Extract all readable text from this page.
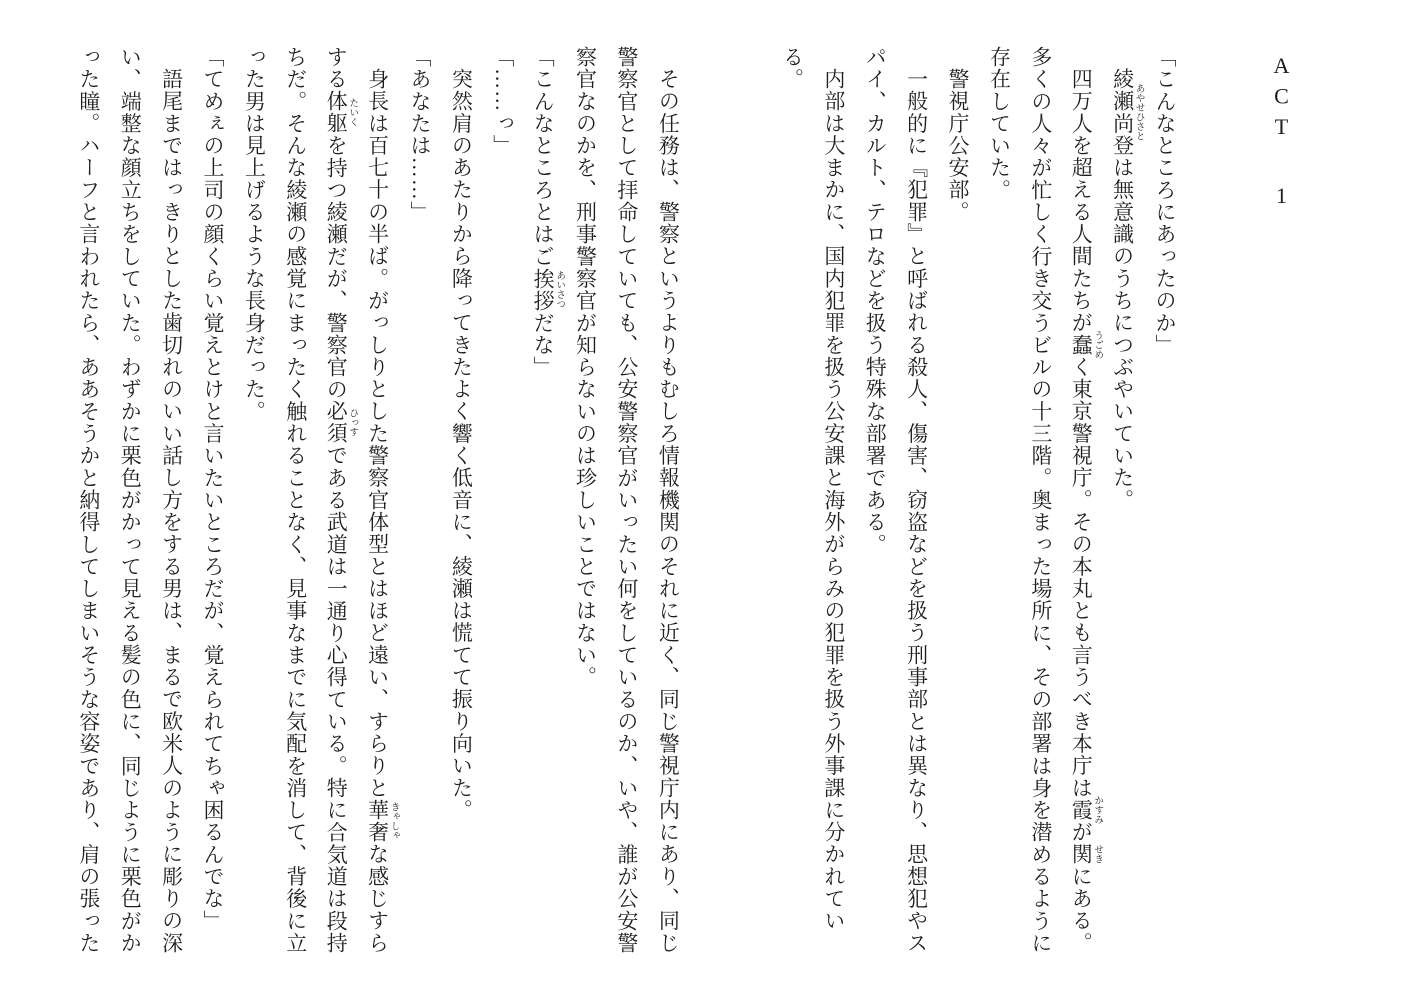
ACT1
「こんなところにあったのか」
綾瀬尚登 あやせひさとは無意識のうちにつぶやいていた。
四万人を超える人間たちが蠢 うごめく東京警視庁。その本丸とも言うべき本庁は霞 かすみが関 せきにある。
多くの人々が忙しく行き交うビルの十三階。奥まった場所に、その部署は身を潜めるように
存在していた。
警視庁公安部。
一般的に『犯罪』と呼ばれる殺人、傷害、窃盗などを扱う刑事部とは異なり、思想犯やス
パイ、カルト、テロなどを扱う特殊な部署である。
内部は大まかに、国内犯罪を扱う公安課と海外がらみの犯罪を扱う外事課に分かれてい
る。

その任務は、警察というよりもむしろ情報機関のそれに近く、同じ警視庁内にあり、同じ
警察官として拝命していても、公安警察官がいったい何をしているのか、いや、誰が公安警
察官なのかを、刑事警察官が知らないのは珍しいことではない。
「こんなところとはご挨拶 あいさつだな」
「……っ」
突然肩のあたりから降ってきたよく響く低音に、綾瀬は慌てて振り向いた。
「あなたは……」
身長は百七十の半ば。がっしりとした警察官体型とはほど遠い、すらりと華奢 きゃしゃな感じすら
する体躯 たいくを持つ綾瀬だが、警察官の必須 ひっすである武道は一通り心得ている。特に合気道は段持
ちだ。そんな綾瀬の感覚にまったく触れることなく、見事なまでに気配を消して、背後に立
った男は見上げるような長身だった。
「てめぇの上司の顔くらい覚えとけと言いたいところだが、覚えられてちゃ困るんでな」
語尾まではっきりとした歯切れのいい話し方をする男は、まるで欧米人のように彫りの深
い、端整な顔立ちをしていた。わずかに栗色がかって見える髪の色に、同じように栗色がか
った瞳。ハーフと言われたら、ああそうかと納得してしまいそうな容姿であり、肩の張った
